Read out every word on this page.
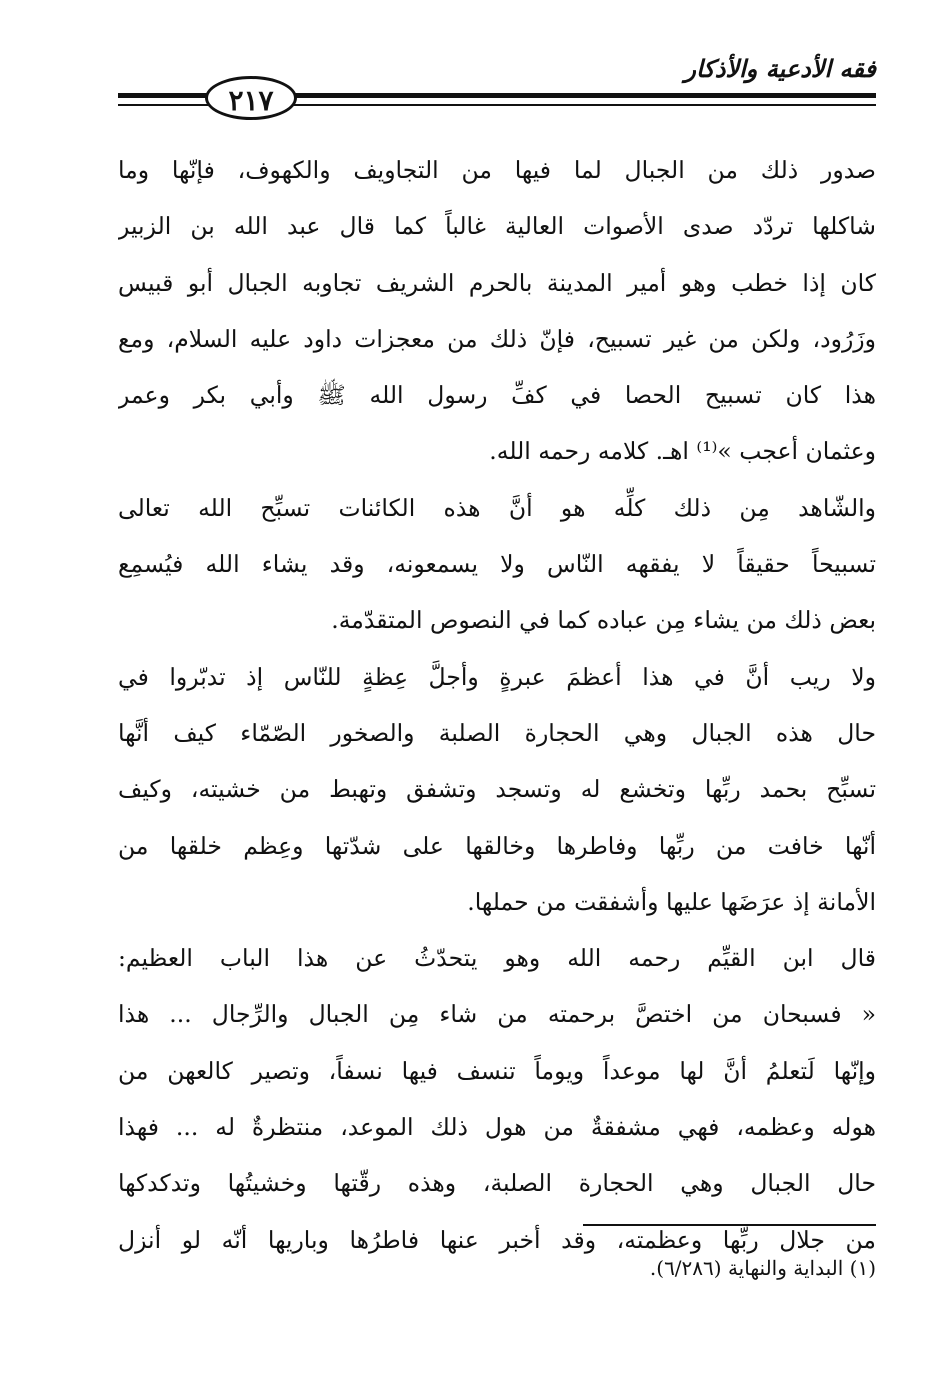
فقه الأدعية والأذكار
٢١٧
صدور ذلك من الجبال لما فيها من التجاويف والكهوف، فإنّها وما
شاكلها تردّد صدى الأصوات العالية غالباً كما قال عبد الله بن الزبير
كان إذا خطب وهو أمير المدينة بالحرم الشريف تجاوبه الجبال أبو قبيس
وزَرُود، ولكن من غير تسبيح، فإنّ ذلك من معجزات داود عليه السلام، ومع
هذا كان تسبيح الحصا في كفِّ رسول الله ﷺ وأبي بكر وعمر
وعثمان أعجب »⁽¹⁾ اهـ. كلامه رحمه الله.
والشّاهد مِن ذلك كلِّه هو أنَّ هذه الكائنات تسبِّح الله تعالى
تسبيحاً حقيقاً لا يفقهه النّاس ولا يسمعونه، وقد يشاء الله فيُسمِع
بعض ذلك من يشاء مِن عباده كما في النصوص المتقدّمة.
ولا ريب أنَّ في هذا أعظمَ عبرةٍ وأجلَّ عِظةٍ للنّاس إذ تدبّروا في
حال هذه الجبال وهي الحجارة الصلبة والصخور الصّمّاء كيف أنَّها
تسبِّح بحمد ربِّها وتخشع له وتسجد وتشفق وتهبط من خشيته، وكيف
أنّها خافت من ربِّها وفاطرها وخالقها على شدّتها وعِظم خلقها من
الأمانة إذ عرَضَها عليها وأشفقت من حملها.
قال ابن القيِّم رحمه الله وهو يتحدّثُ عن هذا الباب العظيم:
« فسبحان من اختصَّ برحمته من شاء مِن الجبال والرِّجال ... هذا
وإنّها لَتعلمُ أنَّ لها موعداً ويوماً تنسف فيها نسفاً، وتصير كالعهن من
هوله وعظمه، فهي مشفقةٌ من هول ذلك الموعد، منتظرةٌ له ... فهذا
حال الجبال وهي الحجارة الصلبة، وهذه رقّتها وخشيتُها وتدكدكها
من جلال ربِّها وعظمته، وقد أخبر عنها فاطرُها وباريها أنّه لو أنزل
(١) البداية والنهاية (٦/٢٨٦).
